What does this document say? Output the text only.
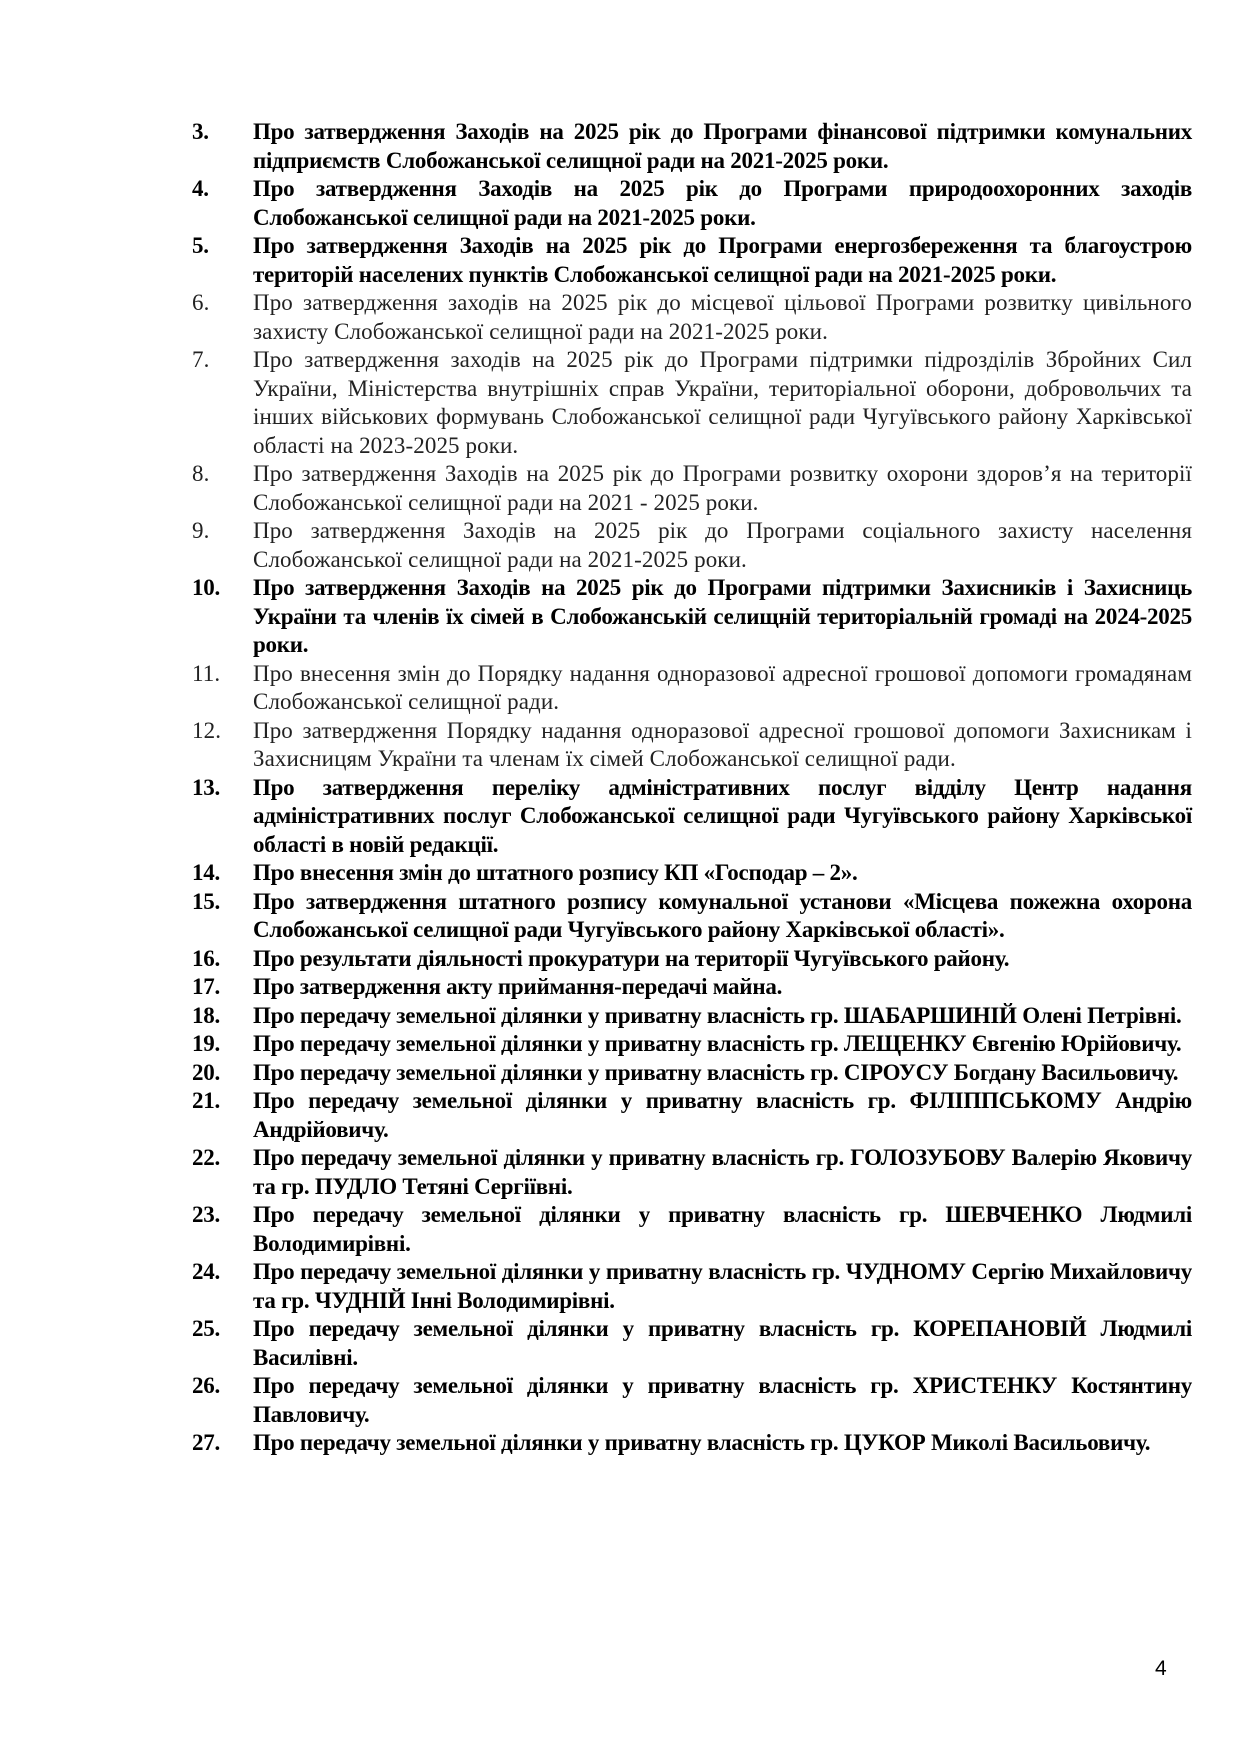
3.	Про затвердження Заходів на 2025 рік до Програми фінансової підтримки комунальних підприємств Слобожанської селищної ради на 2021-2025 роки.
4.	Про затвердження Заходів на 2025 рік до Програми природоохоронних заходів Слобожанської селищної ради на 2021-2025 роки.
5.	Про затвердження Заходів на 2025 рік до Програми енергозбереження та благоустрою територій населених пунктів Слобожанської селищної ради на 2021-2025 роки.
6.	Про затвердження заходів на 2025 рік до місцевої цільової Програми розвитку цивільного захисту Слобожанської селищної ради на 2021-2025 роки.
7.	Про затвердження заходів на 2025 рік до Програми підтримки підрозділів Збройних Сил України, Міністерства внутрішніх справ України, територіальної оборони, добровольчих та інших військових формувань Слобожанської селищної ради Чугуївського району Харківської області на 2023-2025 роки.
8.	Про затвердження Заходів на 2025 рік до Програми розвитку охорони здоров’я на території Слобожанської селищної ради на 2021 - 2025 роки.
9.	Про затвердження Заходів на 2025 рік до Програми соціального захисту населення Слобожанської селищної ради на 2021-2025 роки.
10.	Про затвердження Заходів на 2025 рік до Програми підтримки Захисників і Захисниць України та членів їх сімей в Слобожанській селищній територіальній громаді на 2024-2025 роки.
11.	Про внесення змін до Порядку надання одноразової адресної грошової допомоги громадянам Слобожанської селищної ради.
12.	Про затвердження Порядку надання одноразової адресної грошової допомоги Захисникам і Захисницям України та членам їх сімей Слобожанської селищної ради.
13.	Про затвердження переліку адміністративних послуг відділу Центр надання адміністративних послуг Слобожанської селищної ради Чугуївського району Харківської області в новій редакції.
14.	Про внесення змін до штатного розпису КП «Господар – 2».
15.	Про затвердження штатного розпису комунальної установи «Місцева пожежна охорона Слобожанської селищної ради Чугуївського району Харківської області».
16.	Про результати діяльності прокуратури на території Чугуївського району.
17.	Про затвердження акту приймання-передачі майна.
18.	Про передачу земельної ділянки у приватну власність гр. ШАБАРШИНІЙ Олені Петрівні.
19.	Про передачу земельної ділянки у приватну власність гр. ЛЕЩЕНКУ Євгенію Юрійовичу.
20.	Про передачу земельної ділянки у приватну власність гр. СІРОУСУ Богдану Васильовичу.
21.	Про передачу земельної ділянки у приватну власність гр. ФІЛІППСЬКОМУ Андрію Андрійовичу.
22.	Про передачу земельної ділянки у приватну власність гр. ГОЛОЗУБОВУ Валерію Яковичу та гр. ПУДЛО Тетяні Сергіївні.
23.	Про передачу земельної ділянки у приватну власність гр. ШЕВЧЕНКО Людмилі Володимирівні.
24.	Про передачу земельної ділянки у приватну власність гр. ЧУДНОМУ Сергію Михайловичу та гр. ЧУДНІЙ Інні Володимирівні.
25.	Про передачу земельної ділянки у приватну власність гр. КОРЕПАНОВІЙ Людмилі Василівні.
26.	Про передачу земельної ділянки у приватну власність гр. ХРИСТЕНКУ Костянтину Павловичу.
27.	Про передачу земельної ділянки у приватну власність гр. ЦУКОР Миколі Васильовичу.
4
